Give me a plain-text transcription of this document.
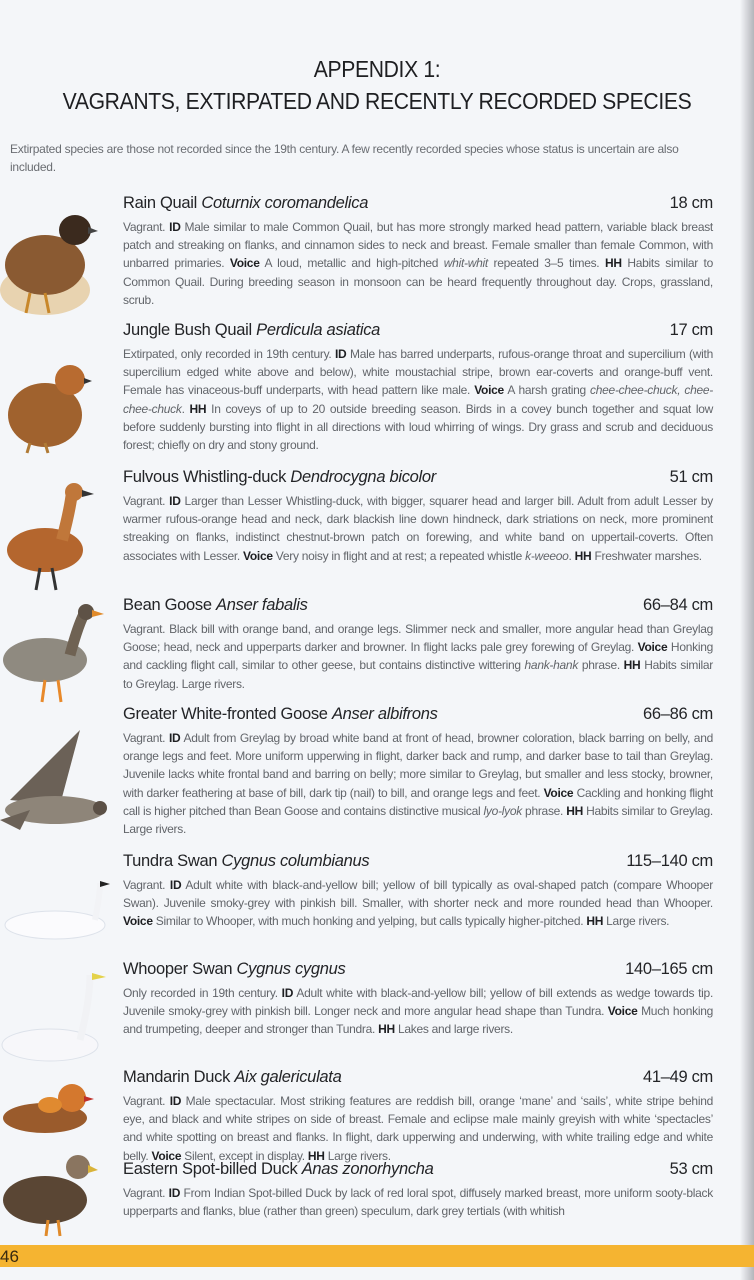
APPENDIX 1:
VAGRANTS, EXTIRPATED AND RECENTLY RECORDED SPECIES
Extirpated species are those not recorded since the 19th century. A few recently recorded species whose status is uncertain are also included.
Rain Quail Coturnix coromandelica	18 cm
Vagrant. ID Male similar to male Common Quail, but has more strongly marked head pattern, variable black breast patch and streaking on flanks, and cinnamon sides to neck and breast. Female smaller than female Common, with unbarred primaries. Voice A loud, metallic and high-pitched whit-whit repeated 3–5 times. HH Habits similar to Common Quail. During breeding season in monsoon can be heard frequently throughout day. Crops, grassland, scrub.
Jungle Bush Quail Perdicula asiatica	17 cm
Extirpated, only recorded in 19th century. ID Male has barred underparts, rufous-orange throat and supercilium (with supercilium edged white above and below), white moustachial stripe, brown ear-coverts and orange-buff vent. Female has vinaceous-buff underparts, with head pattern like male. Voice A harsh grating chee-chee-chuck, chee-chee-chuck. HH In coveys of up to 20 outside breeding season. Birds in a covey bunch together and squat low before suddenly bursting into flight in all directions with loud whirring of wings. Dry grass and scrub and deciduous forest; chiefly on dry and stony ground.
Fulvous Whistling-duck Dendrocygna bicolor	51 cm
Vagrant. ID Larger than Lesser Whistling-duck, with bigger, squarer head and larger bill. Adult from adult Lesser by warmer rufous-orange head and neck, dark blackish line down hindneck, dark striations on neck, more prominent streaking on flanks, indistinct chestnut-brown patch on forewing, and white band on uppertail-coverts. Often associates with Lesser. Voice Very noisy in flight and at rest; a repeated whistle k-weeoo. HH Freshwater marshes.
Bean Goose Anser fabalis	66–84 cm
Vagrant. Black bill with orange band, and orange legs. Slimmer neck and smaller, more angular head than Greylag Goose; head, neck and upperparts darker and browner. In flight lacks pale grey forewing of Greylag. Voice Honking and cackling flight call, similar to other geese, but contains distinctive wittering hank-hank phrase. HH Habits similar to Greylag. Large rivers.
Greater White-fronted Goose Anser albifrons	66–86 cm
Vagrant. ID Adult from Greylag by broad white band at front of head, browner coloration, black barring on belly, and orange legs and feet. More uniform upperwing in flight, darker back and rump, and darker base to tail than Greylag. Juvenile lacks white frontal band and barring on belly; more similar to Greylag, but smaller and less stocky, browner, with darker feathering at base of bill, dark tip (nail) to bill, and orange legs and feet. Voice Cackling and honking flight call is higher pitched than Bean Goose and contains distinctive musical lyo-lyok phrase. HH Habits similar to Greylag. Large rivers.
Tundra Swan Cygnus columbianus	115–140 cm
Vagrant. ID Adult white with black-and-yellow bill; yellow of bill typically as oval-shaped patch (compare Whooper Swan). Juvenile smoky-grey with pinkish bill. Smaller, with shorter neck and more rounded head than Whooper. Voice Similar to Whooper, with much honking and yelping, but calls typically higher-pitched. HH Large rivers.
Whooper Swan Cygnus cygnus	140–165 cm
Only recorded in 19th century. ID Adult white with black-and-yellow bill; yellow of bill extends as wedge towards tip. Juvenile smoky-grey with pinkish bill. Longer neck and more angular head shape than Tundra. Voice Much honking and trumpeting, deeper and stronger than Tundra. HH Lakes and large rivers.
Mandarin Duck Aix galericulata	41–49 cm
Vagrant. ID Male spectacular. Most striking features are reddish bill, orange ‘mane’ and ‘sails’, white stripe behind eye, and black and white stripes on side of breast. Female and eclipse male mainly greyish with white ‘spectacles’ and white spotting on breast and flanks. In flight, dark upperwing and underwing, with white trailing edge and white belly. Voice Silent, except in display. HH Large rivers.
Eastern Spot-billed Duck Anas zonorhyncha	53 cm
Vagrant. ID From Indian Spot-billed Duck by lack of red loral spot, diffusely marked breast, more uniform sooty-black upperparts and flanks, blue (rather than green) speculum, dark grey tertials (with whitish
46
